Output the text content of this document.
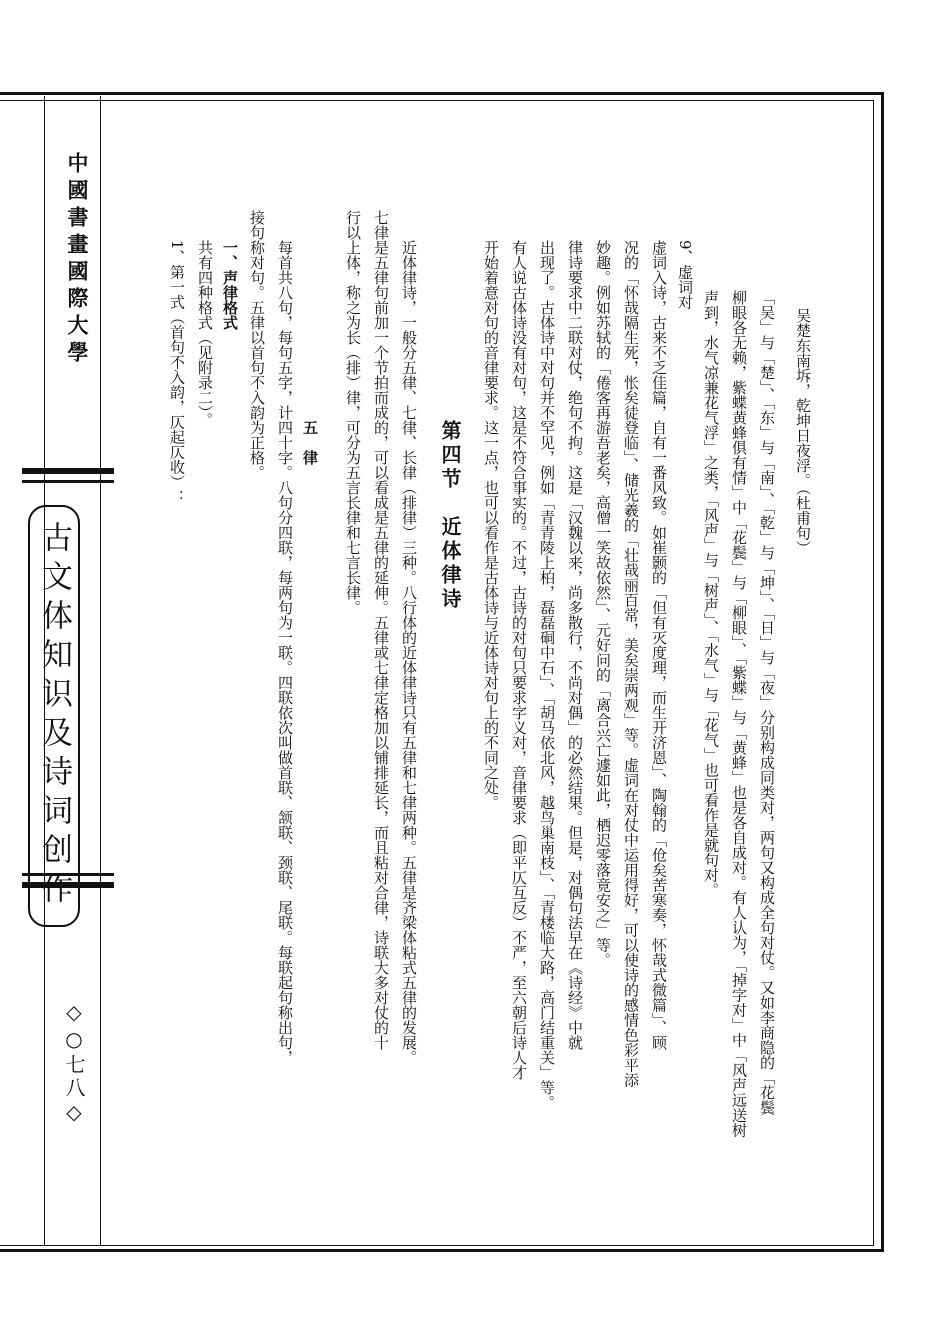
中國書畫國際大學
古文体知识及诗词创作
◇○七八◇
吴楚东南坼，乾坤日夜浮。（杜甫句）
「吴」与「楚」、「东」与「南」、「乾」与「坤」、「日」与「夜」分别构成同类对，两句又构成全句对仗。又如李商隐的「花鬓
柳眼各无赖，紫蝶黄蜂俱有情」中「花鬓」与「柳眼」、「紫蝶」与「黄蜂」也是各自成对。有人认为，「掉字对」中「风声远送树
声到，水气凉兼花气浮」之类，「风声」与「树声」、「水气」与「花气」也可看作是就句对。
9、虚词对
虚词入诗，古来不乏佳篇，自有一番风致。如崔颢的「但有灭度理，而生开济恩」、陶翰的「伧矣苦寒奏，怀哉式微篇」、顾
况的「怀哉隔生死，怅矣徒登临」、储光羲的「壮哉丽百常，美矣崇两观」等。虚词在对仗中运用得好，可以使诗的感情色彩平添
妙趣。例如苏轼的「倦客再游吾老矣，高僧一笑故依然」、元好问的「离合兴亡遽如此，栖迟零落竟安之」等。
律诗要求中二联对仗，绝句不拘。这是「汉魏以来，尚多散行，不尚对偶」的必然结果。但是，对偶句法早在《诗经》中就
出现了。古体诗中对句并不罕见，例如「青青陵上柏，磊磊硐中石」、「胡马依北风，越鸟巢南枝」、「青楼临大路，高门结重关」等。
有人说古体诗没有对句，这是不符合事实的。不过，古诗的对句只要求字义对，音律要求（即平仄互反）不严，至六朝后诗人才
开始着意对句的音律要求。这一点，也可以看作是古体诗与近体诗对句上的不同之处。
第四节　近体律诗
近体律诗，一般分五律、七律、长律（排律）三种。八行体的近体律诗只有五律和七律两种。五律是齐梁体粘式五律的发展。
七律是五律句前加一个节拍而成的，可以看成是五律的延伸。五律或七律定格加以铺排延长，而且粘对合律，诗联大多对仗的十
行以上体，称之为长（排）律，可分为五言长律和七言长律。
五　律
每首共八句，每句五字，计四十字。八句分四联，每两句为一联。四联依次叫做首联、颔联、颈联、尾联。每联起句称出句，
接句称对句。五律以首句不入韵为正格。
一、声律格式
共有四种格式（见附录二）。
1、第一式（首句不入韵，仄起仄收）：
